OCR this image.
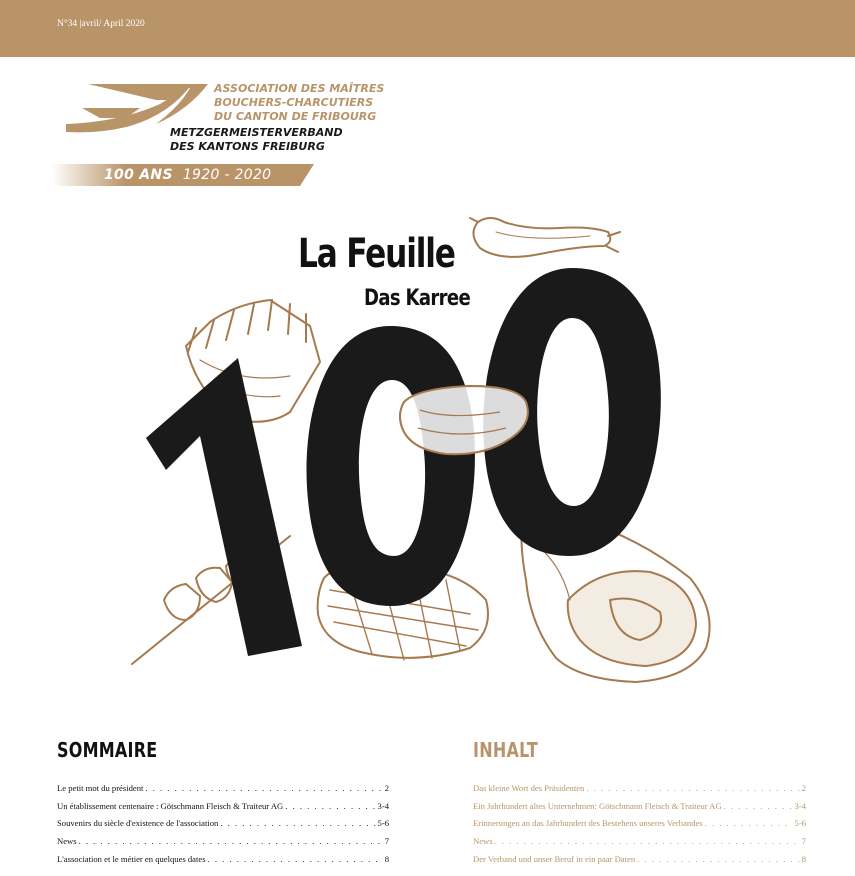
N°34 |avril/ April 2020
ASSOCIATION DES MAÎTRES
BOUCHERS-CHARCUTIERS
DU CANTON DE FRIBOURG
METZGERMEISTERVERBAND
DES KANTONS FREIBURG
100 ANS 1920 - 2020
La Feuille
Das Karree
SOMMAIRE
Le petit mot du président . . .	2
Un établissement centenaire : Götschmann Fleisch & Traiteur AG . . .	3-4
Souvenirs du siècle d'existence de l'association . . .	5-6
News . . .	7
L'association et le métier en quelques dates . . .	8
INHALT
Das kleine Wort des Präsidenten . . .	2
Ein Jahrhundert altes Unternehmen: Götschmann Fleisch & Traiteur AG . . .	3-4
Erinnerungen an das Jahrhundert des Bestehens unseres Verbandes . . .	5-6
News . . .	7
Der Verband und unser Beruf in ein paar Daten . . .	8
